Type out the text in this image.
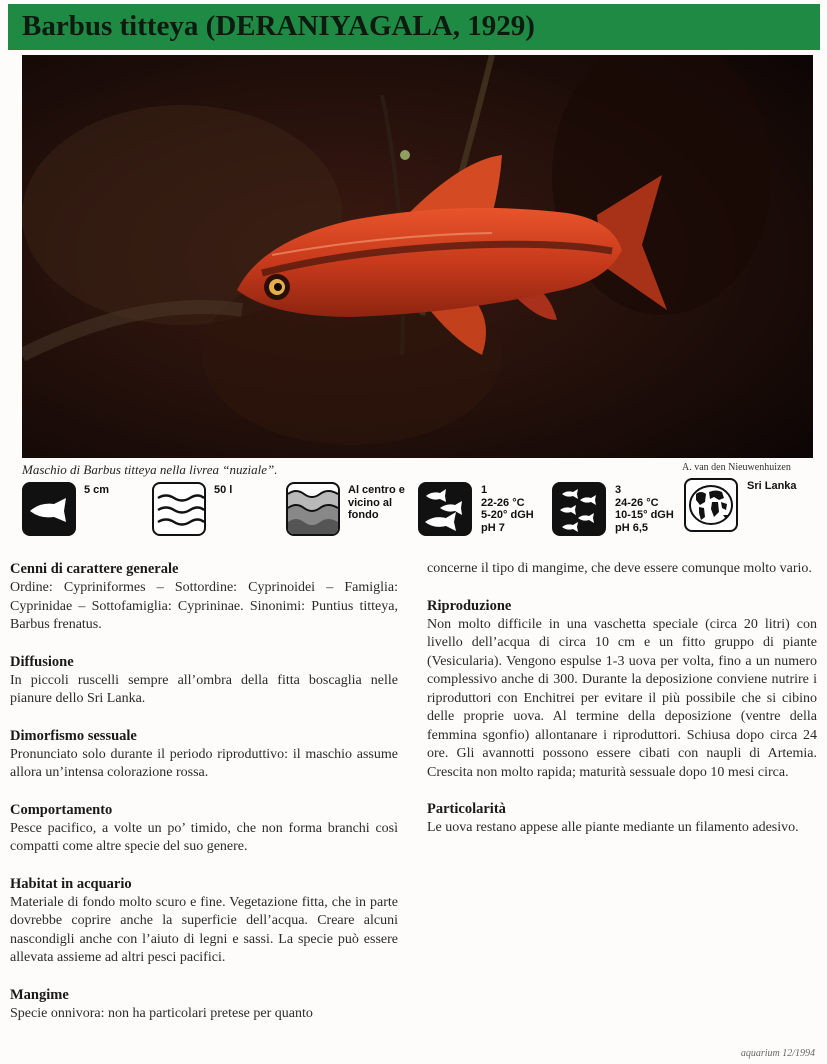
Barbus titteya (DERANIYAGALA, 1929)
Maschio di Barbus titteya nella livrea “nuziale”.	A. van den Nieuwenhuizen
5 cm	50 l	Al centro e
vicino al
fondo
1
22-26 °C
5-20° dGH
pH 7
3
24-26 °C
10-15° dGH
pH 6,5
Sri Lanka
Cenni di carattere generale

Ordine: Cypriniformes – Sottordine: Cyprinoidei – Famiglia: Cyprinidae – Sottofamiglia: Cyprininae. Sinonimi: Puntius titteya, Barbus frenatus.

Diffusione

In piccoli ruscelli sempre all’ombra della fitta boscaglia nelle pianure dello Sri Lanka.

Dimorfismo sessuale

Pronunciato solo durante il periodo riproduttivo: il maschio assume allora un’intensa colorazione rossa.

Comportamento

Pesce pacifico, a volte un po’ timido, che non forma branchi così compatti come altre specie del suo genere.

Habitat in acquario

Materiale di fondo molto scuro e fine. Vegetazione fitta, che in parte dovrebbe coprire anche la superficie dell’acqua. Creare alcuni nascondigli anche con l’aiuto di legni e sassi. La specie può essere allevata assieme ad altri pesci pacifici.

Mangime

Specie onnivora: non ha particolari pretese per quanto

concerne il tipo di mangime, che deve essere comunque molto vario.

Riproduzione

Non molto difficile in una vaschetta speciale (circa 20 litri) con livello dell’acqua di circa 10 cm e un fitto gruppo di piante (Vesicularia). Vengono espulse 1-3 uova per volta, fino a un numero complessivo anche di 300. Durante la deposizione conviene nutrire i riproduttori con Enchitrei per evitare il più possibile che si cibino delle proprie uova. Al termine della deposizione (ventre della femmina sgonfio) allontanare i riproduttori. Schiusa dopo circa 24 ore. Gli avannotti possono essere cibati con naupli di Artemia. Crescita non molto rapida; maturità sessuale dopo 10 mesi circa.

Particolarità

Le uova restano appese alle piante mediante un filamento adesivo.

aquarium 12/1994
